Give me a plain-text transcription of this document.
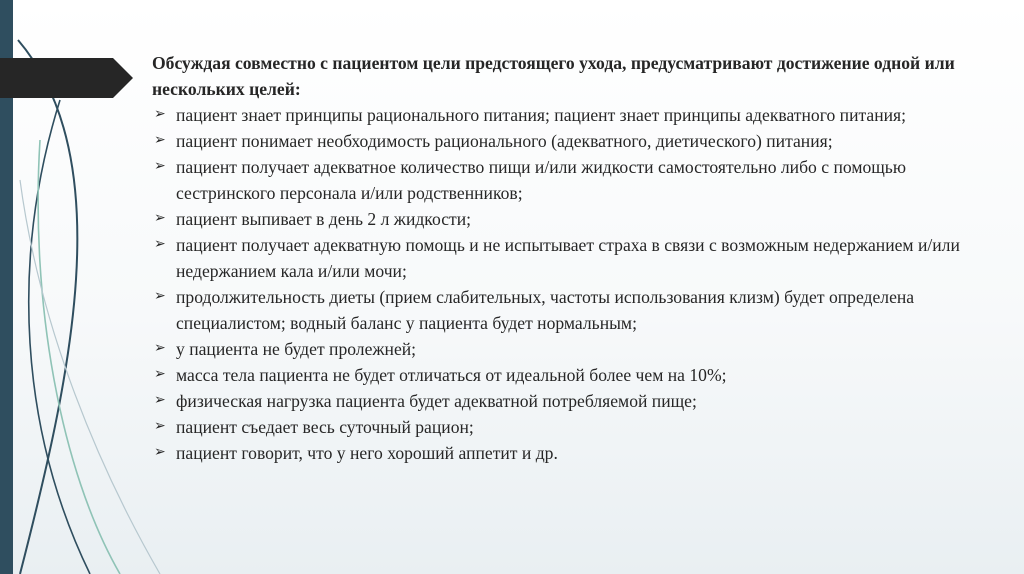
Обсуждая совместно с пациентом цели предстоящего ухода, предусматривают достижение одной или нескольких целей:

➢ пациент знает принципы рационального питания; пациент знает принципы адекватного питания;
➢ пациент понимает необходимость рационального (адекватного, диетического) питания;
➢ пациент получает адекватное количество пищи и/или жидкости самостоятельно либо с помощью сестринского персонала и/или родственников;
➢ пациент выпивает в день 2 л жидкости;
➢ пациент получает адекватную помощь и не испытывает страха в связи с возможным недержанием и/или недержанием кала и/или мочи;
➢ продолжительность диеты (прием слабительных, частоты использования клизм) будет определена специалистом; водный баланс у пациента будет нормальным;
➢ у пациента не будет пролежней;
➢ масса тела пациента не будет отличаться от идеальной более чем на 10%;
➢ физическая нагрузка пациента будет адекватной потребляемой пище;
➢ пациент съедает весь суточный рацион;
➢ пациент говорит, что у него хороший аппетит и др.
